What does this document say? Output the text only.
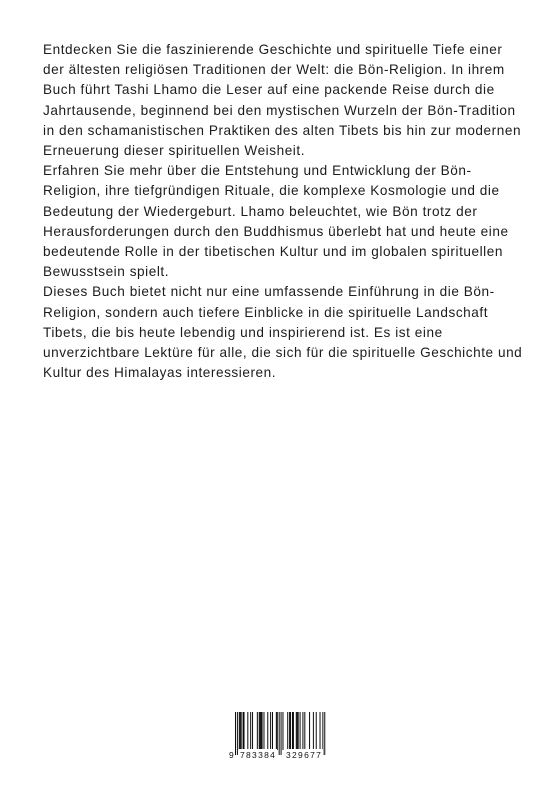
Entdecken Sie die faszinierende Geschichte und spirituelle Tiefe einer der ältesten religiösen Traditionen der Welt: die Bön-Religion. In ihrem Buch führt Tashi Lhamo die Leser auf eine packende Reise durch die Jahrtausende, beginnend bei den mystischen Wurzeln der Bön-Tradition in den schamanistischen Praktiken des alten Tibets bis hin zur modernen Erneuerung dieser spirituellen Weisheit.

Erfahren Sie mehr über die Entstehung und Entwicklung der Bön-Religion, ihre tiefgründigen Rituale, die komplexe Kosmologie und die Bedeutung der Wiedergeburt. Lhamo beleuchtet, wie Bön trotz der Herausforderungen durch den Buddhismus überlebt hat und heute eine bedeutende Rolle in der tibetischen Kultur und im globalen spirituellen Bewusstsein spielt.

Dieses Buch bietet nicht nur eine umfassende Einführung in die Bön-Religion, sondern auch tiefere Einblicke in die spirituelle Landschaft Tibets, die bis heute lebendig und inspirierend ist. Es ist eine unverzichtbare Lektüre für alle, die sich für die spirituelle Geschichte und Kultur des Himalayas interessieren.

9 783384 329677
